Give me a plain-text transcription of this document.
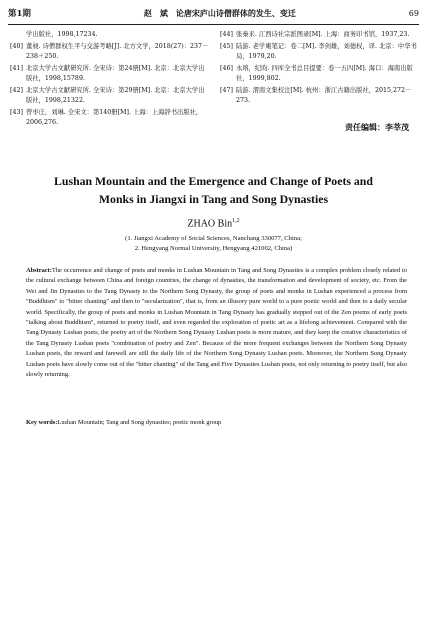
第1期	赵　斌　论唐宋庐山诗僧群体的发生、变迁	69
学出版社，1998,17234.
[40] 董昶. 诗僧群权生平与交游考略[J]. 北方文学，2018(27)：237－238＋250.
[41] 北京大学古文献研究所. 全宋诗：第24册[M]. 北京：北京大学出版社，1998,15789.
[42] 北京大学古文献研究所. 全宋诗：第29册[M]. 北京：北京大学出版社，1998,21322.
[43] 曾枣庄，刘琳. 全宋文：第140册[M]. 上海：上海辞书出版社，2006,276.
[44] 张秦来. 江西诗社宗派图录[M]. 上海：商务印书馆，1937,23.
[45] 陆游. 老学庵笔记：卷二[M]. 李剑雄，刘德权，译. 北京：中华书局，1979,20.
[46] 永瑢，纪昀. 四库全书总目提要：卷一五四[M]. 海口：海南出版社，1999,802.
[47] 陆游. 渭南文集校注[M]. 杭州：浙江古籍出版社，2015,272－273.
责任编辑：李莘茂
Lushan Mountain and the Emergence and Change of Poets and
Monks in Jiangxi in Tang and Song Dynasties
ZHAO Bin$^{1,2}$
(1. Jiangxi Academy of Social Sciences, Nanchang 330077, China;
2. Hengyang Normal University, Hengyang 421002, China)
Abstract:The occurrence and change of poets and monks in Lushan Mountain in Tang and Song Dynasties is a complex problem closely related to the cultural exchange between China and foreign countries, the change of dynasties, the transformation and development of society, etc. From the Wei and Jin Dynasties to the Tang Dynasty to the Northern Song Dynasty, the group of poets and monks in Lushan experienced a process from "Buddhism" to "bitter chanting" and then to "secularization", that is, from an illusory pure world to a pure poetic world and then to a daily secular world. Specifically, the group of poets and monks in Lushan Mountain in Tang Dynasty has gradually stepped out of the Zen poems of early poets "talking about Buddhism", returned to poetry itself, and even regarded the exploration of poetic art as a lifelong achievement. Compared with the Tang Dynasty Lushan poets, the poetry art of the Northern Song Dynasty Lushan poets is more mature, and they keep the creative characteristics of the Tang Dynasty Lushan poets "combination of poetry and Zen". Because of the more frequent exchanges between the Northern Song Dynasty Lushan poets, the reward and farewell are still the daily life of the Northern Song Dynasty Lushan poets. Moreover, the Northern Song Dynasty Lushan poets have slowly come out of the "bitter chanting" of the Tang and Five Dynasties Lushan poets, not only returning to poetry itself, but also slowly returning.
Key words:Lushan Mountain; Tang and Song dynasties; poetic monk group
